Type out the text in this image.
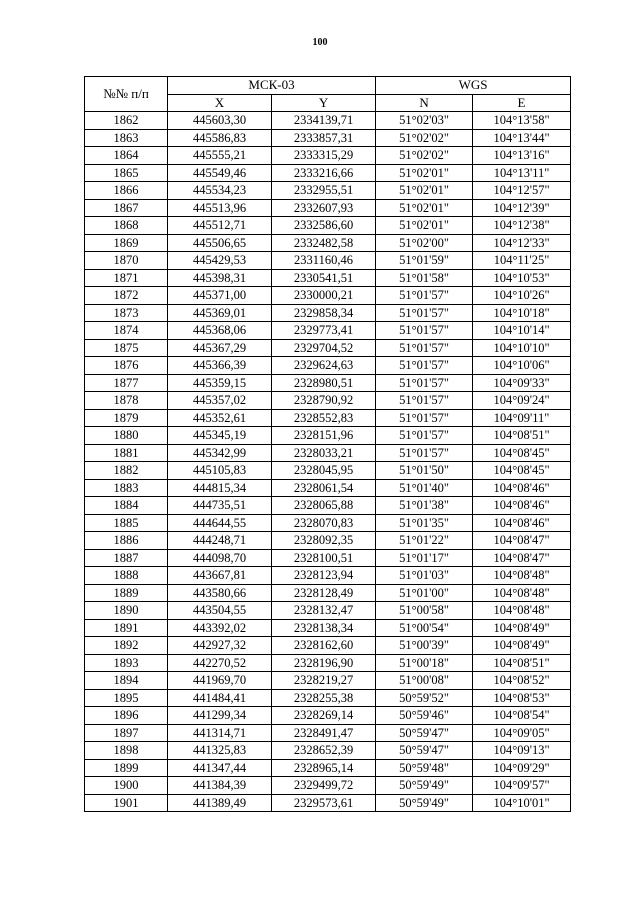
100
№№ п/п	МСК-03		WGS	
	X	Y	N	E
1862	445603,30	2334139,71	51°02'03"	104°13'58"
1863	445586,83	2333857,31	51°02'02"	104°13'44"
1864	445555,21	2333315,29	51°02'02"	104°13'16"
1865	445549,46	2333216,66	51°02'01"	104°13'11"
1866	445534,23	2332955,51	51°02'01"	104°12'57"
1867	445513,96	2332607,93	51°02'01"	104°12'39"
1868	445512,71	2332586,60	51°02'01"	104°12'38"
1869	445506,65	2332482,58	51°02'00"	104°12'33"
1870	445429,53	2331160,46	51°01'59"	104°11'25"
1871	445398,31	2330541,51	51°01'58"	104°10'53"
1872	445371,00	2330000,21	51°01'57"	104°10'26"
1873	445369,01	2329858,34	51°01'57"	104°10'18"
1874	445368,06	2329773,41	51°01'57"	104°10'14"
1875	445367,29	2329704,52	51°01'57"	104°10'10"
1876	445366,39	2329624,63	51°01'57"	104°10'06"
1877	445359,15	2328980,51	51°01'57"	104°09'33"
1878	445357,02	2328790,92	51°01'57"	104°09'24"
1879	445352,61	2328552,83	51°01'57"	104°09'11"
1880	445345,19	2328151,96	51°01'57"	104°08'51"
1881	445342,99	2328033,21	51°01'57"	104°08'45"
1882	445105,83	2328045,95	51°01'50"	104°08'45"
1883	444815,34	2328061,54	51°01'40"	104°08'46"
1884	444735,51	2328065,88	51°01'38"	104°08'46"
1885	444644,55	2328070,83	51°01'35"	104°08'46"
1886	444248,71	2328092,35	51°01'22"	104°08'47"
1887	444098,70	2328100,51	51°01'17"	104°08'47"
1888	443667,81	2328123,94	51°01'03"	104°08'48"
1889	443580,66	2328128,49	51°01'00"	104°08'48"
1890	443504,55	2328132,47	51°00'58"	104°08'48"
1891	443392,02	2328138,34	51°00'54"	104°08'49"
1892	442927,32	2328162,60	51°00'39"	104°08'49"
1893	442270,52	2328196,90	51°00'18"	104°08'51"
1894	441969,70	2328219,27	51°00'08"	104°08'52"
1895	441484,41	2328255,38	50°59'52"	104°08'53"
1896	441299,34	2328269,14	50°59'46"	104°08'54"
1897	441314,71	2328491,47	50°59'47"	104°09'05"
1898	441325,83	2328652,39	50°59'47"	104°09'13"
1899	441347,44	2328965,14	50°59'48"	104°09'29"
1900	441384,39	2329499,72	50°59'49"	104°09'57"
1901	441389,49	2329573,61	50°59'49"	104°10'01"
